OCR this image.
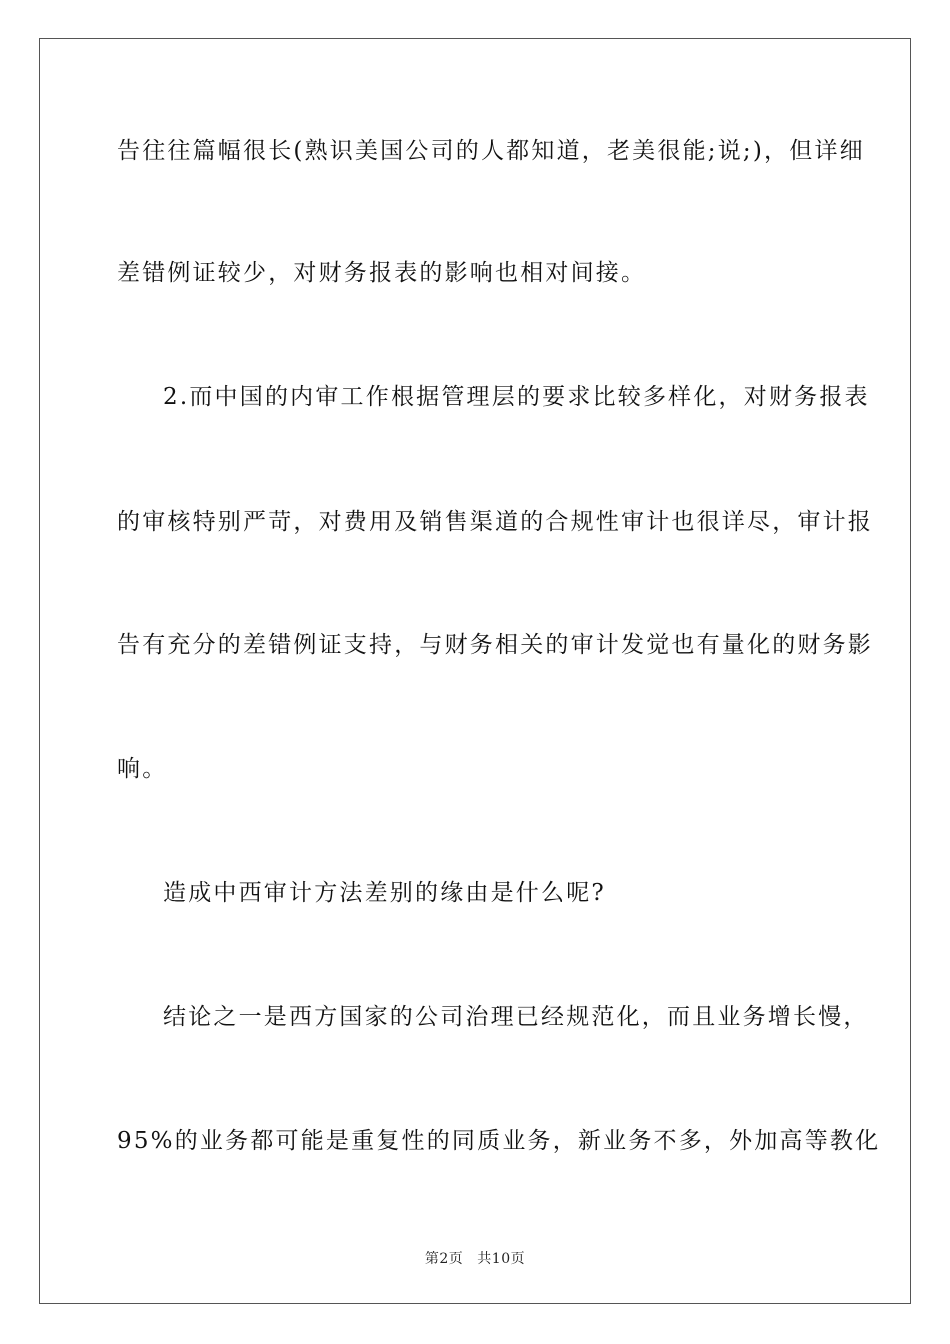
告往往篇幅很长(熟识美国公司的人都知道，老美很能;说;)，但详细
差错例证较少，对财务报表的影响也相对间接。
2.而中国的内审工作根据管理层的要求比较多样化，对财务报表
的审核特别严苛，对费用及销售渠道的合规性审计也很详尽，审计报
告有充分的差错例证支持，与财务相关的审计发觉也有量化的财务影
响。
造成中西审计方法差别的缘由是什么呢?
结论之一是西方国家的公司治理已经规范化，而且业务增长慢，
95%的业务都可能是重复性的同质业务，新业务不多，外加高等教化
第2页 共10页
